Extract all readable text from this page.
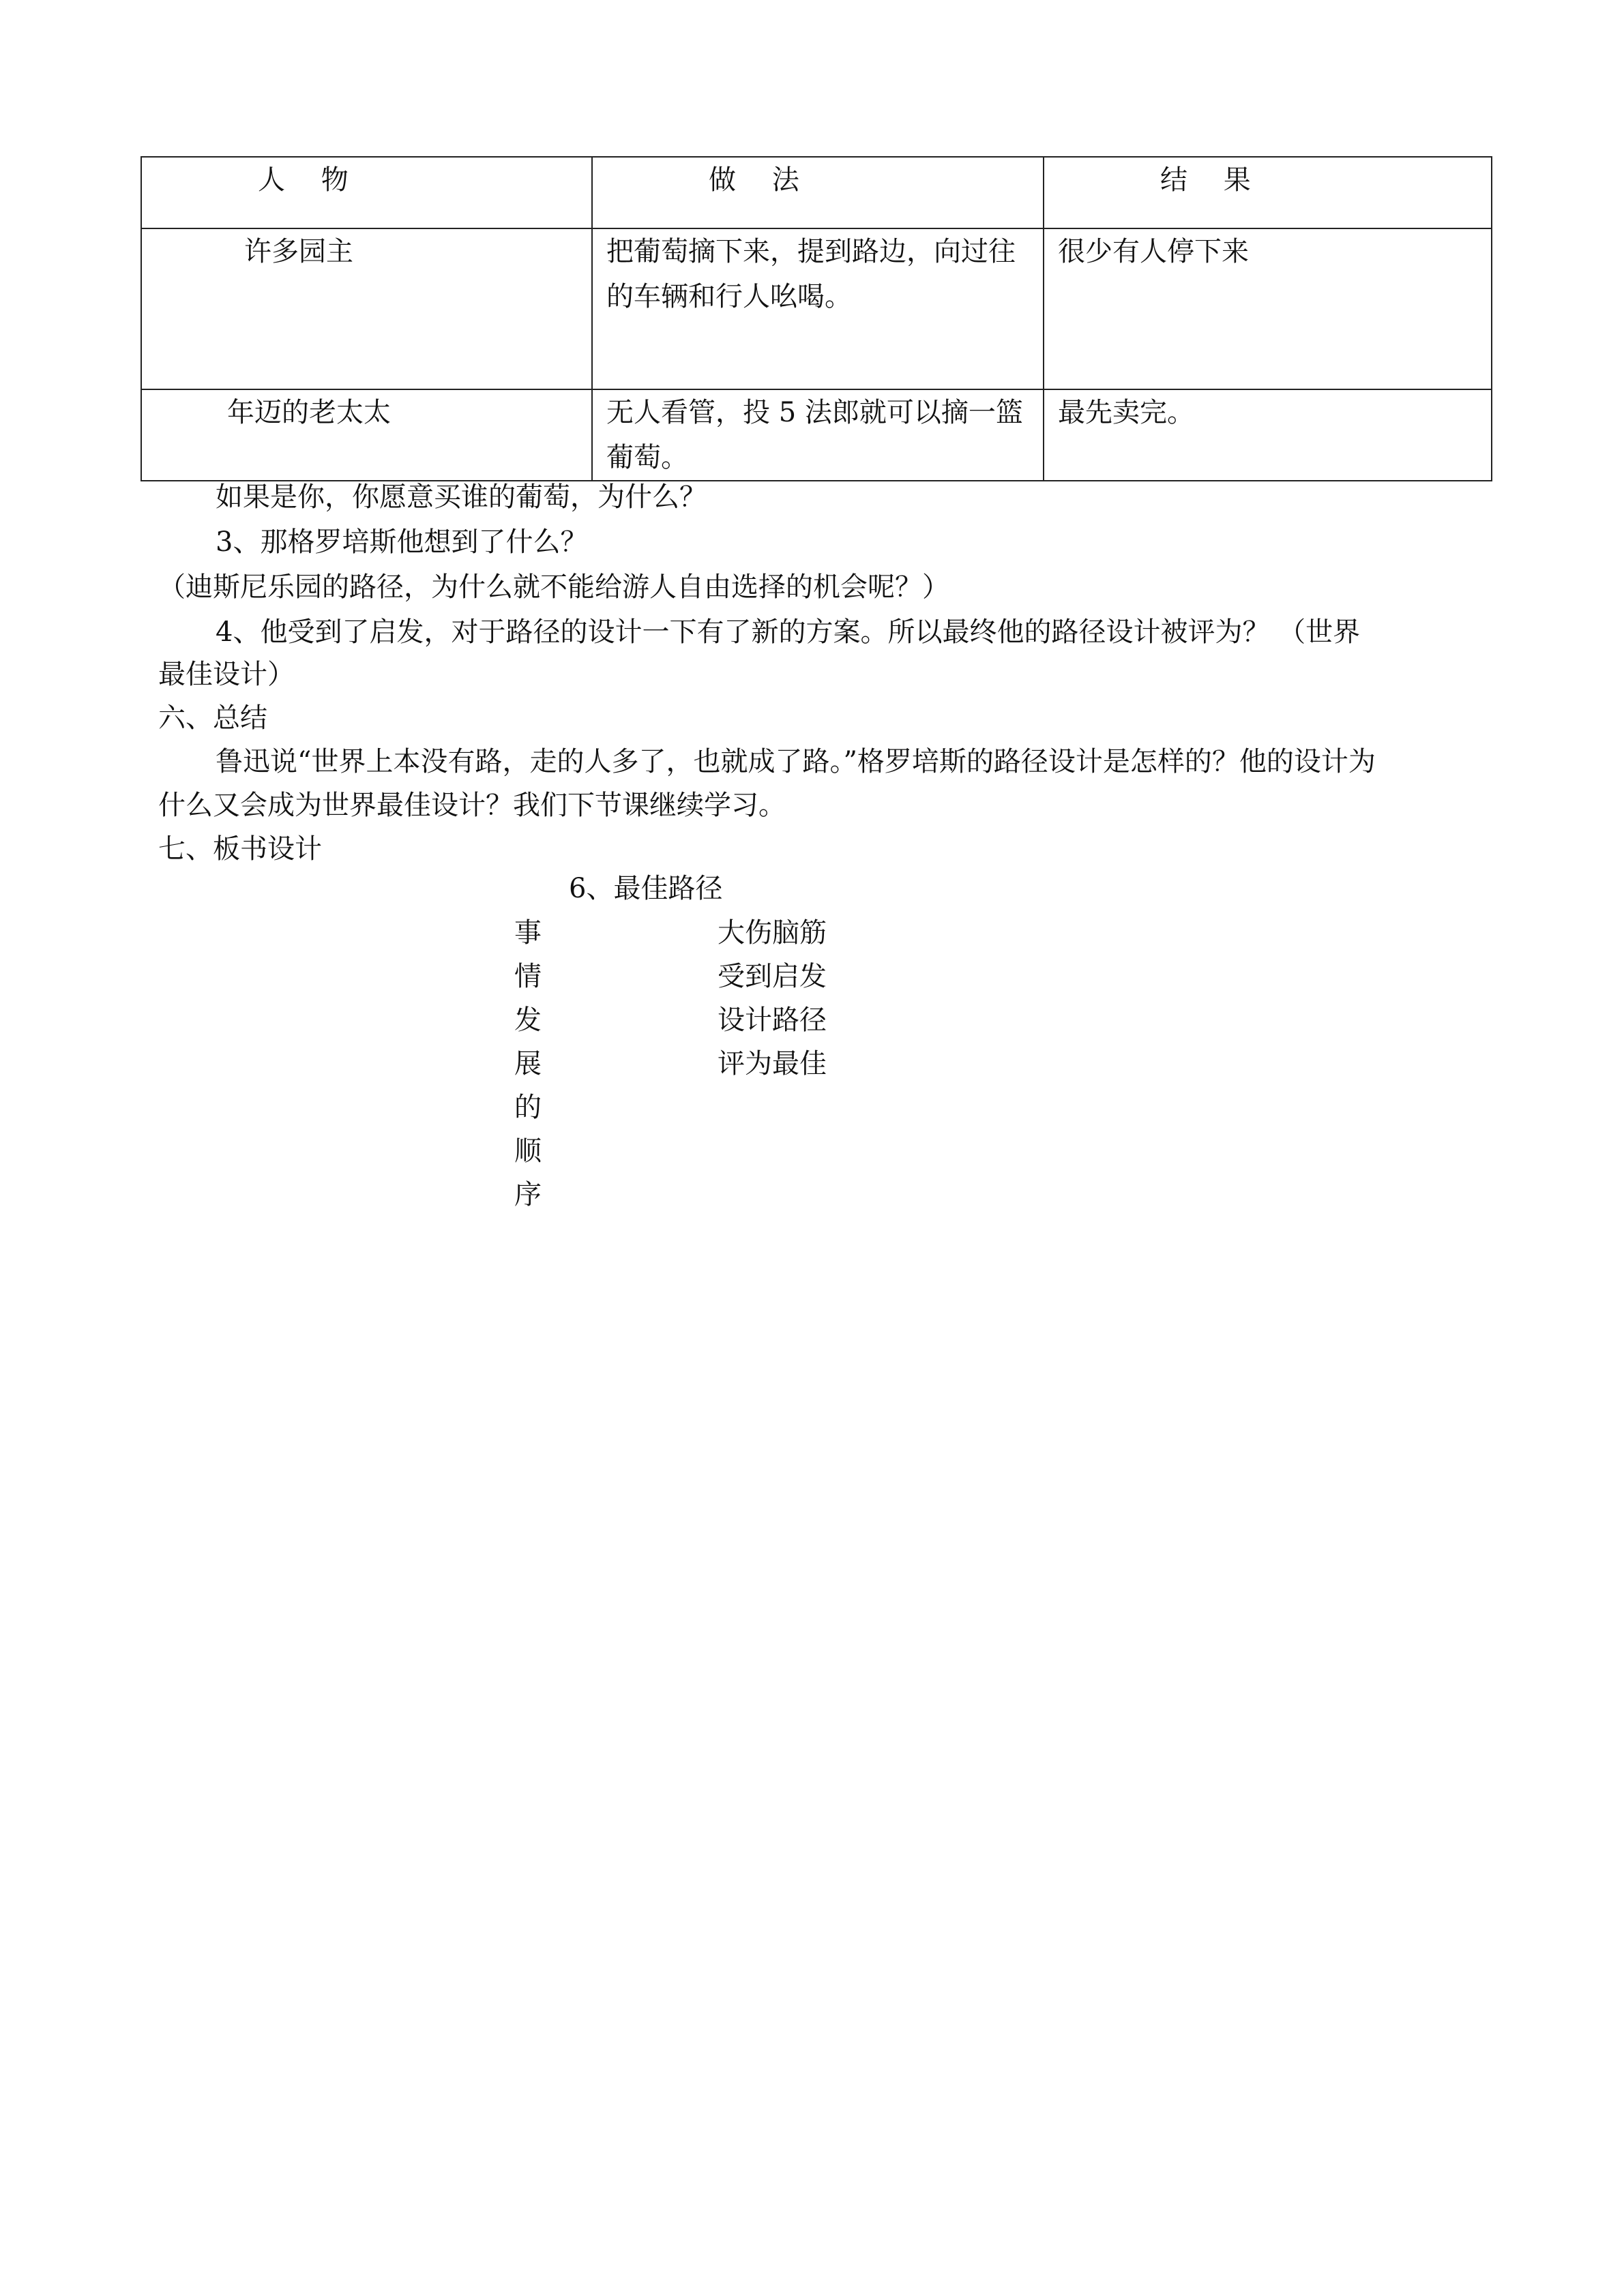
人 物	做 法	结 果
许多园主	把葡萄摘下来，提到路边，向过往的车辆和行人吆喝。	很少有人停下来
年迈的老太太	无人看管，投 5 法郎就可以摘一篮葡萄。	最先卖完。

如果是你，你愿意买谁的葡萄，为什么？

3、那格罗培斯他想到了什么？

（迪斯尼乐园的路径，为什么就不能给游人自由选择的机会呢？）

4、他受到了启发，对于路径的设计一下有了新的方案。所以最终他的路径设计被评为？ （世界

最佳设计）

六、总结

鲁迅说“世界上本没有路，走的人多了，也就成了路。”格罗培斯的路径设计是怎样的？他的设计为

什么又会成为世界最佳设计？我们下节课继续学习。

七、板书设计

6、最佳路径
事
情
发
展
的
顺
序
大伤脑筋
受到启发
设计路径
评为最佳
